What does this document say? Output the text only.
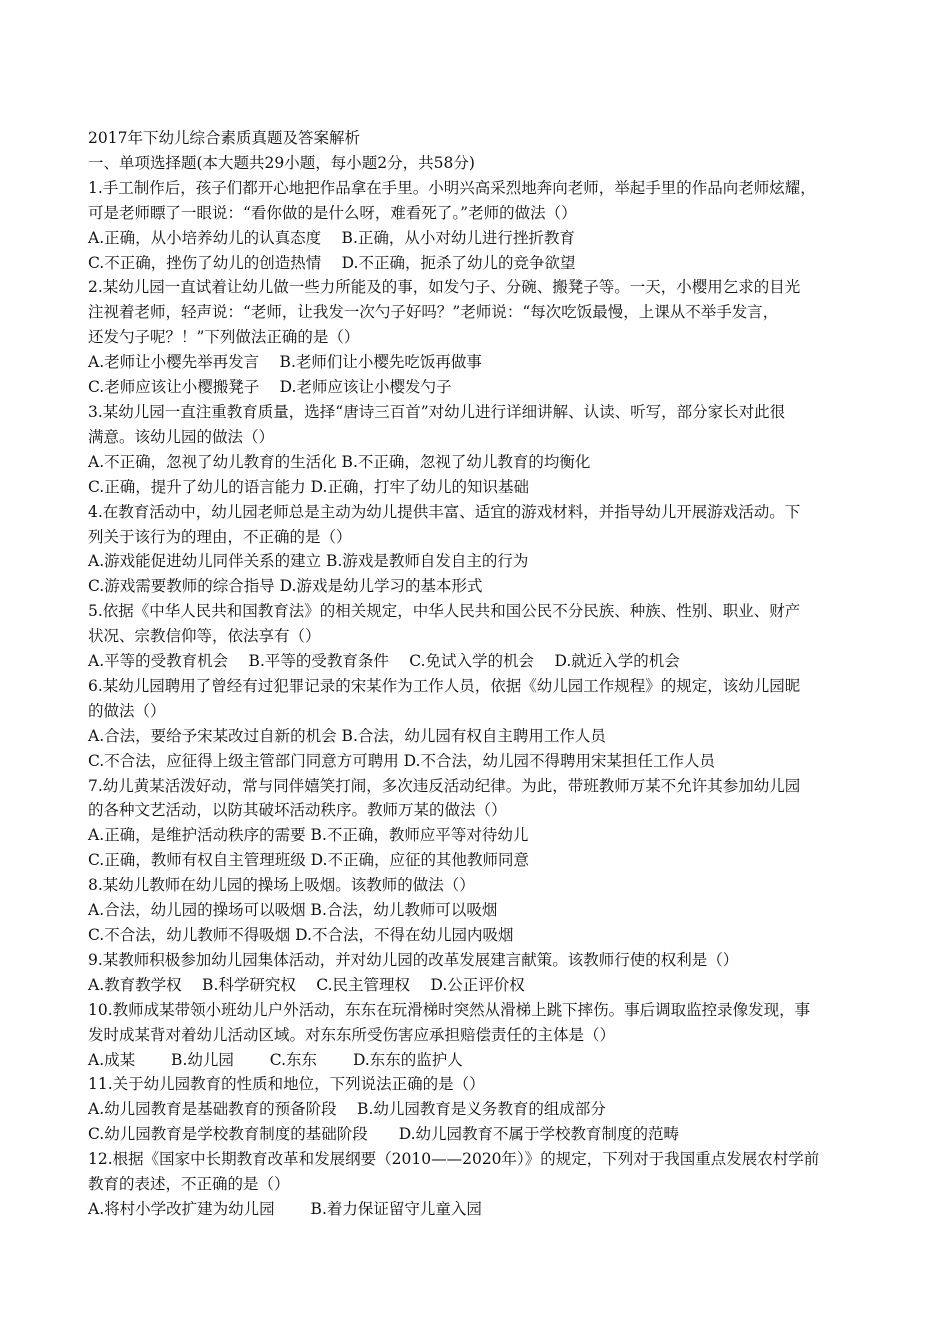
2017年下幼儿综合素质真题及答案解析
一、单项选择题(本大题共29小题，每小题2分，共58分)
1.手工制作后，孩子们都开心地把作品拿在手里。小明兴高采烈地奔向老师，举起手里的作品向老师炫耀，
可是老师瞟了一眼说：“看你做的是什么呀，难看死了。”老师的做法（）
A.正确，从小培养幼儿的认真态度　 B.正确，从小对幼儿进行挫折教育
C.不正确，挫伤了幼儿的创造热情　 D.不正确，扼杀了幼儿的竞争欲望
2.某幼儿园一直试着让幼儿做一些力所能及的事，如发勺子、分碗、搬凳子等。一天，小樱用乞求的目光
注视着老师，轻声说：“老师，让我发一次勺子好吗？”老师说：“每次吃饭最慢，上课从不举手发言，
还发勺子呢？！”下列做法正确的是（）
A.老师让小樱先举再发言　 B.老师们让小樱先吃饭再做事
C.老师应该让小樱搬凳子　 D.老师应该让小樱发勺子
3.某幼儿园一直注重教育质量，选择“唐诗三百首”对幼儿进行详细讲解、认读、听写，部分家长对此很
满意。该幼儿园的做法（）
A.不正确，忽视了幼儿教育的生活化 B.不正确，忽视了幼儿教育的均衡化
C.正确，提升了幼儿的语言能力 D.正确，打牢了幼儿的知识基础
4.在教育活动中，幼儿园老师总是主动为幼儿提供丰富、适宜的游戏材料，并指导幼儿开展游戏活动。下
列关于该行为的理由，不正确的是（）
A.游戏能促进幼儿同伴关系的建立 B.游戏是教师自发自主的行为
C.游戏需要教师的综合指导 D.游戏是幼儿学习的基本形式
5.依据《中华人民共和国教育法》的相关规定，中华人民共和国公民不分民族、种族、性别、职业、财产
状况、宗教信仰等，依法享有（）
A.平等的受教育机会　 B.平等的受教育条件　 C.免试入学的机会　 D.就近入学的机会
6.某幼儿园聘用了曾经有过犯罪记录的宋某作为工作人员，依据《幼儿园工作规程》的规定，该幼儿园昵
的做法（）
A.合法，要给予宋某改过自新的机会 B.合法，幼儿园有权自主聘用工作人员
C.不合法，应征得上级主管部门同意方可聘用 D.不合法，幼儿园不得聘用宋某担任工作人员
7.幼儿黄某活泼好动，常与同伴嬉笑打闹，多次违反活动纪律。为此，带班教师万某不允许其参加幼儿园
的各种文艺活动，以防其破坏活动秩序。教师万某的做法（）
A.正确，是维护活动秩序的需要 B.不正确，教师应平等对待幼儿
C.正确，教师有权自主管理班级 D.不正确，应征的其他教师同意
8.某幼儿教师在幼儿园的操场上吸烟。该教师的做法（）
A.合法，幼儿园的操场可以吸烟 B.合法，幼儿教师可以吸烟
C.不合法，幼儿教师不得吸烟 D.不合法，不得在幼儿园内吸烟
9.某教师积极参加幼儿园集体活动，并对幼儿园的改革发展建言献策。该教师行使的权利是（）
A.教育教学权　 B.科学研究权　 C.民主管理权　 D.公正评价权
10.教师成某带领小班幼儿户外活动，东东在玩滑梯时突然从滑梯上跳下摔伤。事后调取监控录像发现，事
发时成某背对着幼儿活动区域。对东东所受伤害应承担赔偿责任的主体是（）
A.成某　　 B.幼儿园　　 C.东东　　 D.东东的监护人
11.关于幼儿园教育的性质和地位，下列说法正确的是（）
A.幼儿园教育是基础教育的预备阶段　 B.幼儿园教育是义务教育的组成部分
C.幼儿园教育是学校教育制度的基础阶段　　D.幼儿园教育不属于学校教育制度的范畴
12.根据《国家中长期教育改革和发展纲要（2010——2020年）》的规定，下列对于我国重点发展农村学前
教育的表述，不正确的是（）
A.将村小学改扩建为幼儿园　　 B.着力保证留守儿童入园
